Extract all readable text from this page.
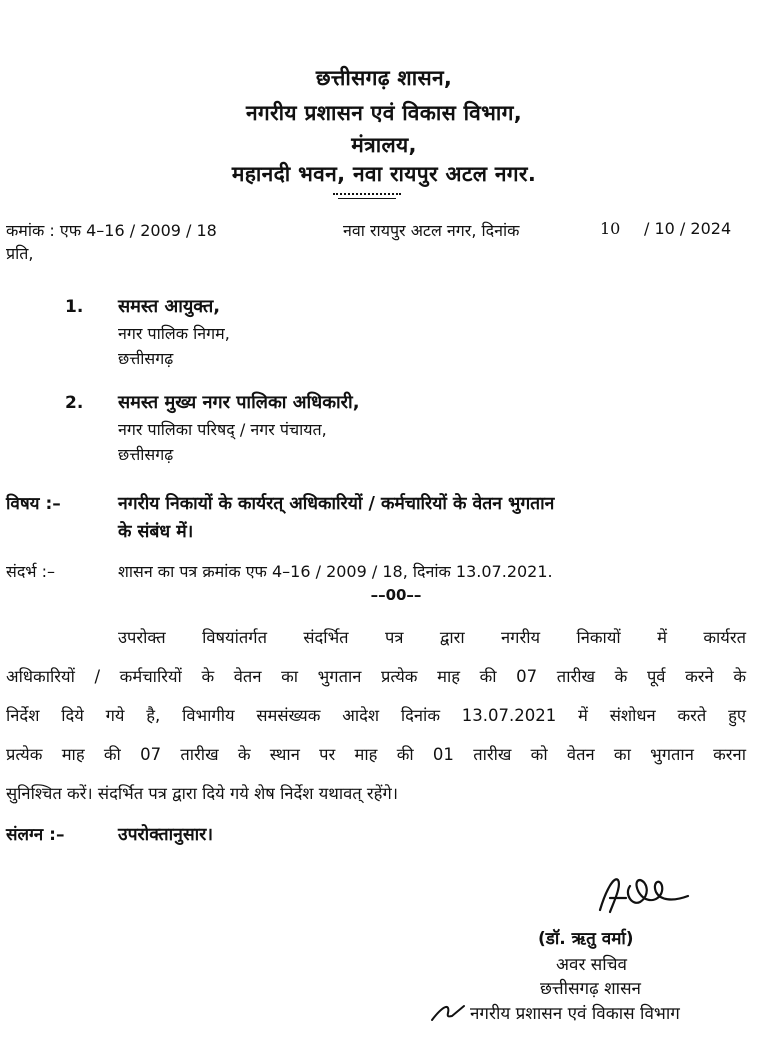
छत्तीसगढ़ शासन,
नगरीय प्रशासन एवं विकास विभाग,
मंत्रालय,
महानदी भवन, नवा रायपुर अटल नगर.
कमांक : एफ 4–16 / 2009 / 18	नवा रायपुर अटल नगर, दिनांक	10 / 10 / 2024
प्रति,
1. समस्त आयुक्त,
नगर पालिक निगम,
छत्तीसगढ़
2. समस्त मुख्य नगर पालिका अधिकारी,
नगर पालिका परिषद् / नगर पंचायत,
छत्तीसगढ़
विषय :–	नगरीय निकायों के कार्यरत् अधिकारियों / कर्मचारियों के वेतन भुगतान
के संबंध में।
संदर्भ :–	शासन का पत्र क्रमांक एफ 4–16 / 2009 / 18, दिनांक 13.07.2021.
––00––
उपरोक्त विषयांतर्गत संदर्भित पत्र द्वारा नगरीय निकायों में कार्यरत
अधिकारियों / कर्मचारियों के वेतन का भुगतान प्रत्येक माह की 07 तारीख के पूर्व करने के
निर्देश दिये गये है, विभागीय समसंख्यक आदेश दिनांक 13.07.2021 में संशोधन करते हुए
प्रत्येक माह की 07 तारीख के स्थान पर माह की 01 तारीख को वेतन का भुगतान करना
सुनिश्चित करें। संदर्भित पत्र द्वारा दिये गये शेष निर्देश यथावत् रहेंगे।
संलग्न :–	उपरोक्तानुसार।
(डॉ. ऋतु वर्मा)
अवर सचिव
छत्तीसगढ़ शासन
नगरीय प्रशासन एवं विकास विभाग
